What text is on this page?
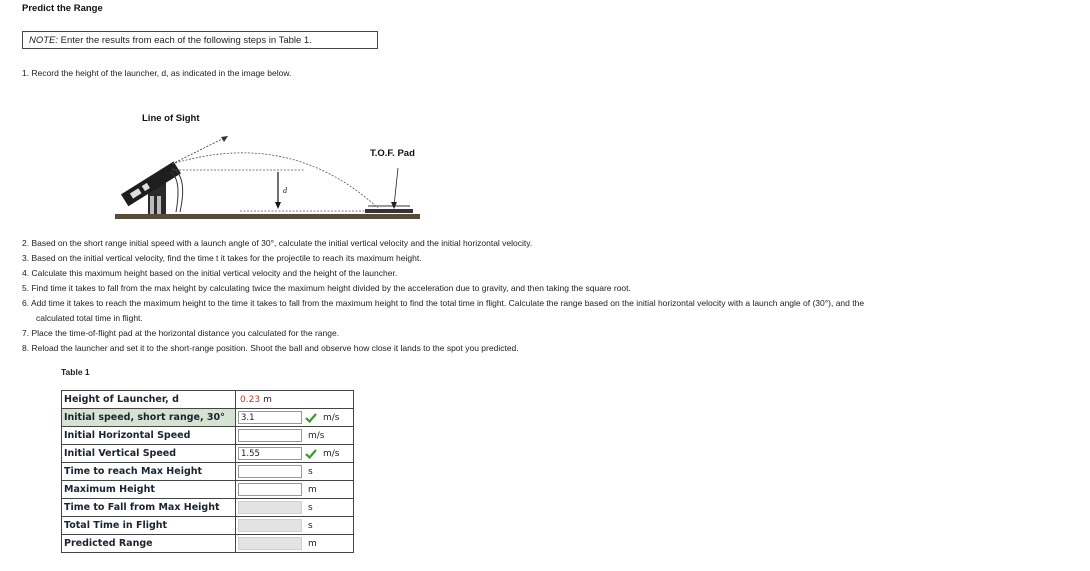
Predict the Range
NOTE: Enter the results from each of the following steps in Table 1.
1. Record the height of the launcher, d, as indicated in the image below.
Line of Sight
T.O.F. Pad
d
2. Based on the short range initial speed with a launch angle of 30°, calculate the initial vertical velocity and the initial horizontal velocity.
3. Based on the initial vertical velocity, find the time t it takes for the projectile to reach its maximum height.
4. Calculate this maximum height based on the initial vertical velocity and the height of the launcher.
5. Find time it takes to fall from the max height by calculating twice the maximum height divided by the acceleration due to gravity, and then taking the square root.
6. Add time it takes to reach the maximum height to the time it takes to fall from the maximum height to find the total time in flight. Calculate the range based on the initial horizontal velocity with a launch angle of (30°), and the
calculated total time in flight.
7. Place the time-of-flight pad at the horizontal distance you calculated for the range.
8. Reload the launcher and set it to the short-range position. Shoot the ball and observe how close it lands to the spot you predicted.
Table 1
Height of Launcher, d	0.23 m
Initial speed, short range, 30°	3.1 m/s
Initial Horizontal Speed	m/s
Initial Vertical Speed	1.55 m/s
Time to reach Max Height	s
Maximum Height	m
Time to Fall from Max Height	s
Total Time in Flight	s
Predicted Range	m
